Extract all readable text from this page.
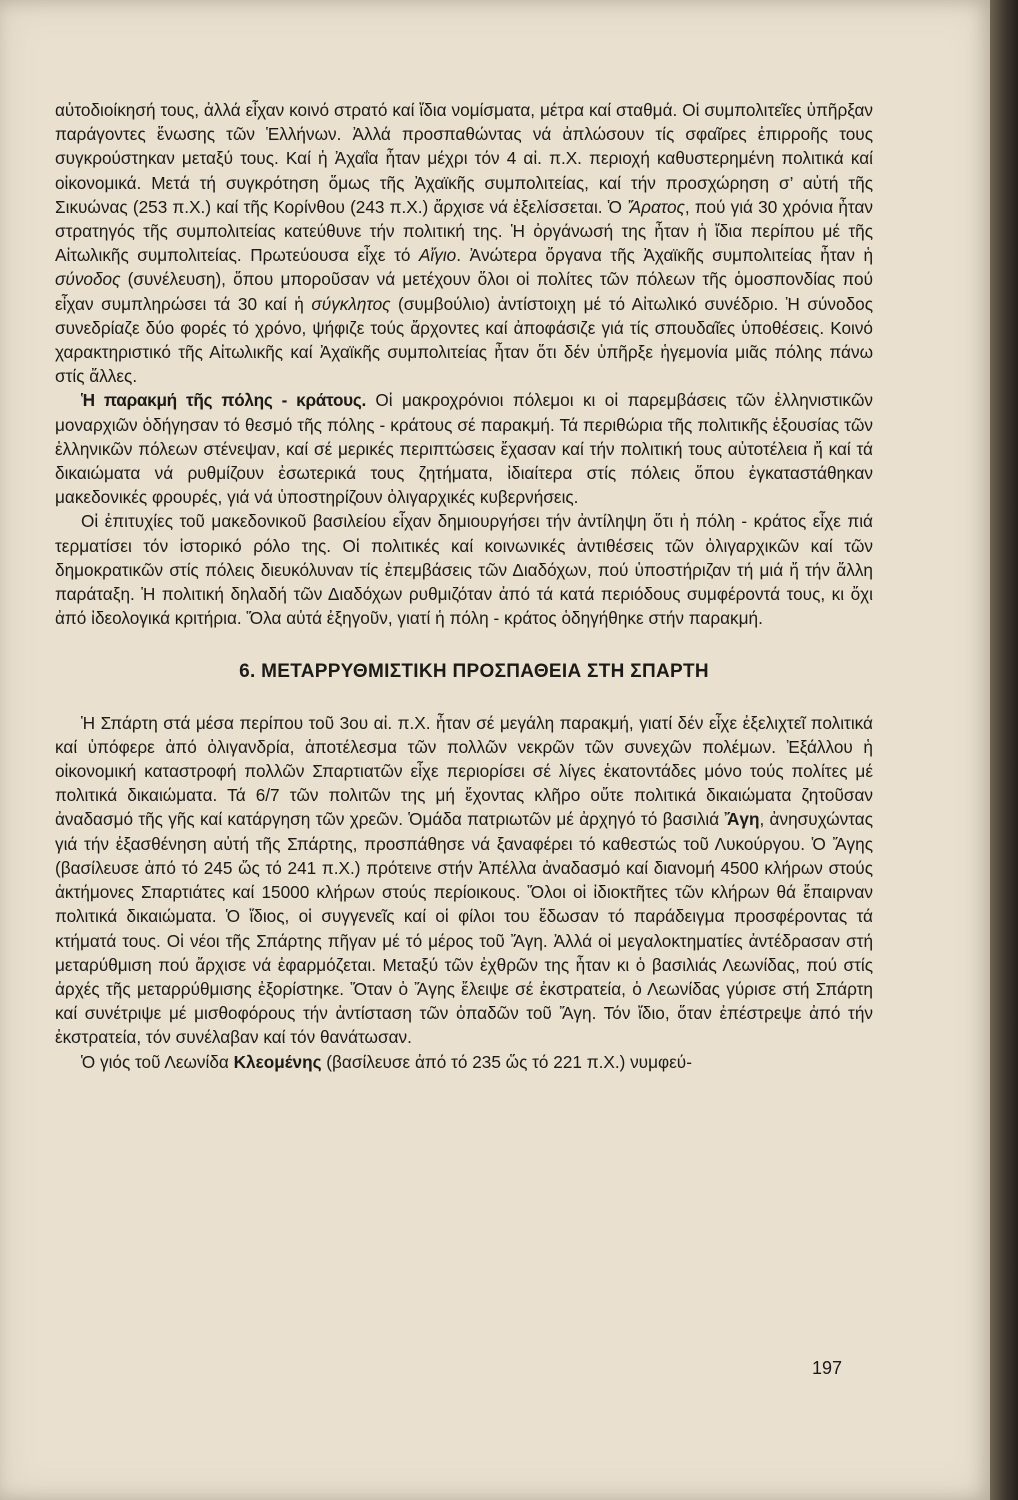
αὐτοδιοίκησή τους, ἀλλά εἶχαν κοινό στρατό καί ἴδια νομίσματα, μέτρα καί σταθμά. Οἱ συμπολιτεῖες ὑπῆρξαν παράγοντες ἕνωσης τῶν Ἑλλήνων. Ἀλλά προσπαθώντας νά ἀπλώσουν τίς σφαῖρες ἐπιρροῆς τους συγκρούστηκαν μεταξύ τους. Καί ἡ Ἀχαΐα ἦταν μέχρι τόν 4 αἰ. π.Χ. περιοχή καθυστερημένη πολιτικά καί οἰκονομικά. Μετά τή συγκρότηση ὅμως τῆς Ἀχαϊκῆς συμπολιτείας, καί τήν προσχώρηση σ’ αὐτή τῆς Σικυώνας (253 π.Χ.) καί τῆς Κορίνθου (243 π.Χ.) ἄρχισε νά ἐξελίσσεται. Ὁ Ἄρατος, πού γιά 30 χρόνια ἦταν στρατηγός τῆς συμπολιτείας κατεύθυνε τήν πολιτική της. Ἡ ὀργάνωσή της ἦταν ἡ ἴδια περίπου μέ τῆς Αἰτωλικῆς συμπολιτείας. Πρωτεύουσα εἶχε τό Αἴγιο. Ἀνώτερα ὄργανα τῆς Ἀχαϊκῆς συμπολιτείας ἦταν ἡ σύνοδος (συνέλευση), ὅπου μποροῦσαν νά μετέχουν ὅλοι οἱ πολίτες τῶν πόλεων τῆς ὁμοσπονδίας πού εἶχαν συμπληρώσει τά 30 καί ἡ σύγκλητος (συμβούλιο) ἀντίστοιχη μέ τό Αἰτωλικό συνέδριο. Ἡ σύνοδος συνεδρίαζε δύο φορές τό χρόνο, ψήφιζε τούς ἄρχοντες καί ἀποφάσιζε γιά τίς σπουδαῖες ὑποθέσεις. Κοινό χαρακτηριστικό τῆς Αἰτωλικῆς καί Ἀχαϊκῆς συμπολιτείας ἦταν ὅτι δέν ὑπῆρξε ἡγεμονία μιᾶς πόλης πάνω στίς ἄλλες.

Ἡ παρακμή τῆς πόλης - κράτους. Οἱ μακροχρόνιοι πόλεμοι κι οἱ παρεμβάσεις τῶν ἑλληνιστικῶν μοναρχιῶν ὁδήγησαν τό θεσμό τῆς πόλης - κράτους σέ παρακμή. Τά περιθώρια τῆς πολιτικῆς ἐξουσίας τῶν ἑλληνικῶν πόλεων στένεψαν, καί σέ μερικές περιπτώσεις ἔχασαν καί τήν πολιτική τους αὐτοτέλεια ἤ καί τά δικαιώματα νά ρυθμίζουν ἐσωτερικά τους ζητήματα, ἰδιαίτερα στίς πόλεις ὅπου ἐγκαταστάθηκαν μακεδονικές φρουρές, γιά νά ὑποστηρίζουν ὀλιγαρχικές κυβερνήσεις.

Οἱ ἐπιτυχίες τοῦ μακεδονικοῦ βασιλείου εἶχαν δημιουργήσει τήν ἀντίληψη ὅτι ἡ πόλη - κράτος εἶχε πιά τερματίσει τόν ἱστορικό ρόλο της. Οἱ πολιτικές καί κοινωνικές ἀντιθέσεις τῶν ὀλιγαρχικῶν καί τῶν δημοκρατικῶν στίς πόλεις διευκόλυναν τίς ἐπεμβάσεις τῶν Διαδόχων, πού ὑποστήριζαν τή μιά ἤ τήν ἄλλη παράταξη. Ἡ πολιτική δηλαδή τῶν Διαδόχων ρυθμιζόταν ἀπό τά κατά περιόδους συμφέροντά τους, κι ὄχι ἀπό ἰδεολογικά κριτήρια. Ὅλα αὐτά ἐξηγοῦν, γιατί ἡ πόλη - κράτος ὁδηγήθηκε στήν παρακμή.

6. ΜΕΤΑΡΡΥΘΜΙΣΤΙΚΗ ΠΡΟΣΠΑΘΕΙΑ ΣΤΗ ΣΠΑΡΤΗ

Ἡ Σπάρτη στά μέσα περίπου τοῦ 3ου αἰ. π.Χ. ἦταν σέ μεγάλη παρακμή, γιατί δέν εἶχε ἐξελιχτεῖ πολιτικά καί ὑπόφερε ἀπό ὀλιγανδρία, ἀποτέλεσμα τῶν πολλῶν νεκρῶν τῶν συνεχῶν πολέμων. Ἐξάλλου ἡ οἰκονομική καταστροφή πολλῶν Σπαρτιατῶν εἶχε περιορίσει σέ λίγες ἑκατοντάδες μόνο τούς πολίτες μέ πολιτικά δικαιώματα. Τά 6/7 τῶν πολιτῶν της μή ἔχοντας κλῆρο οὔτε πολιτικά δικαιώματα ζητοῦσαν ἀναδασμό τῆς γῆς καί κατάργηση τῶν χρεῶν. Ὁμάδα πατριωτῶν μέ ἀρχηγό τό βασιλιά Ἄγη, ἀνησυχώντας γιά τήν ἐξασθένηση αὐτή τῆς Σπάρτης, προσπάθησε νά ξαναφέρει τό καθεστώς τοῦ Λυκούργου. Ὁ Ἄγης (βασίλευσε ἀπό τό 245 ὥς τό 241 π.Χ.) πρότεινε στήν Ἀπέλλα ἀναδασμό καί διανομή 4500 κλήρων στούς ἀκτήμονες Σπαρτιάτες καί 15000 κλήρων στούς περίοικους. Ὅλοι οἱ ἰδιοκτῆτες τῶν κλήρων θά ἔπαιρναν πολιτικά δικαιώματα. Ὁ ἴδιος, οἱ συγγενεῖς καί οἱ φίλοι του ἔδωσαν τό παράδειγμα προσφέροντας τά κτήματά τους. Οἱ νέοι τῆς Σπάρτης πῆγαν μέ τό μέρος τοῦ Ἄγη. Ἀλλά οἱ μεγαλοκτηματίες ἀντέδρασαν στή μεταρύθμιση πού ἄρχισε νά ἐφαρμόζεται. Μεταξύ τῶν ἐχθρῶν της ἦταν κι ὁ βασιλιάς Λεωνίδας, πού στίς ἀρχές τῆς μεταρρύθμισης ἐξορίστηκε. Ὅταν ὁ Ἄγης ἔλειψε σέ ἐκστρατεία, ὁ Λεωνίδας γύρισε στή Σπάρτη καί συνέτριψε μέ μισθοφόρους τήν ἀντίσταση τῶν ὀπαδῶν τοῦ Ἄγη. Τόν ἴδιο, ὅταν ἐπέστρεψε ἀπό τήν ἐκστρατεία, τόν συνέλαβαν καί τόν θανάτωσαν.

Ὁ γιός τοῦ Λεωνίδα Κλεομένης (βασίλευσε ἀπό τό 235 ὥς τό 221 π.Χ.) νυμφεύ-

197
